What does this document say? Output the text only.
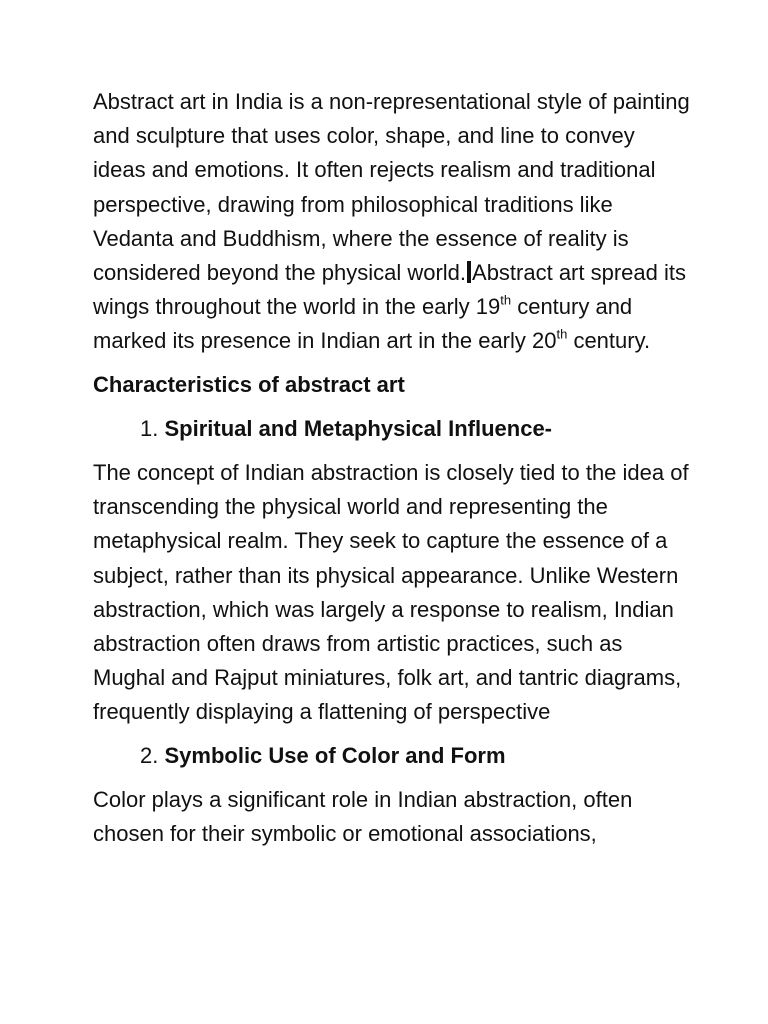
Abstract art in India is a non-representational style of painting and sculpture that uses color, shape, and line to convey ideas and emotions. It often rejects realism and traditional perspective, drawing from philosophical traditions like Vedanta and Buddhism, where the essence of reality is considered beyond the physical world. Abstract art spread its wings throughout the world in the early 19th century and marked its presence in Indian art in the early 20th century.

Characteristics of abstract art

1. Spiritual and Metaphysical Influence-

The concept of Indian abstraction is closely tied to the idea of transcending the physical world and representing the metaphysical realm. They seek to capture the essence of a subject, rather than its physical appearance. Unlike Western abstraction, which was largely a response to realism, Indian abstraction often draws from artistic practices, such as Mughal and Rajput miniatures, folk art, and tantric diagrams, frequently displaying a flattening of perspective

2. Symbolic Use of Color and Form

Color plays a significant role in Indian abstraction, often chosen for their symbolic or emotional associations,
